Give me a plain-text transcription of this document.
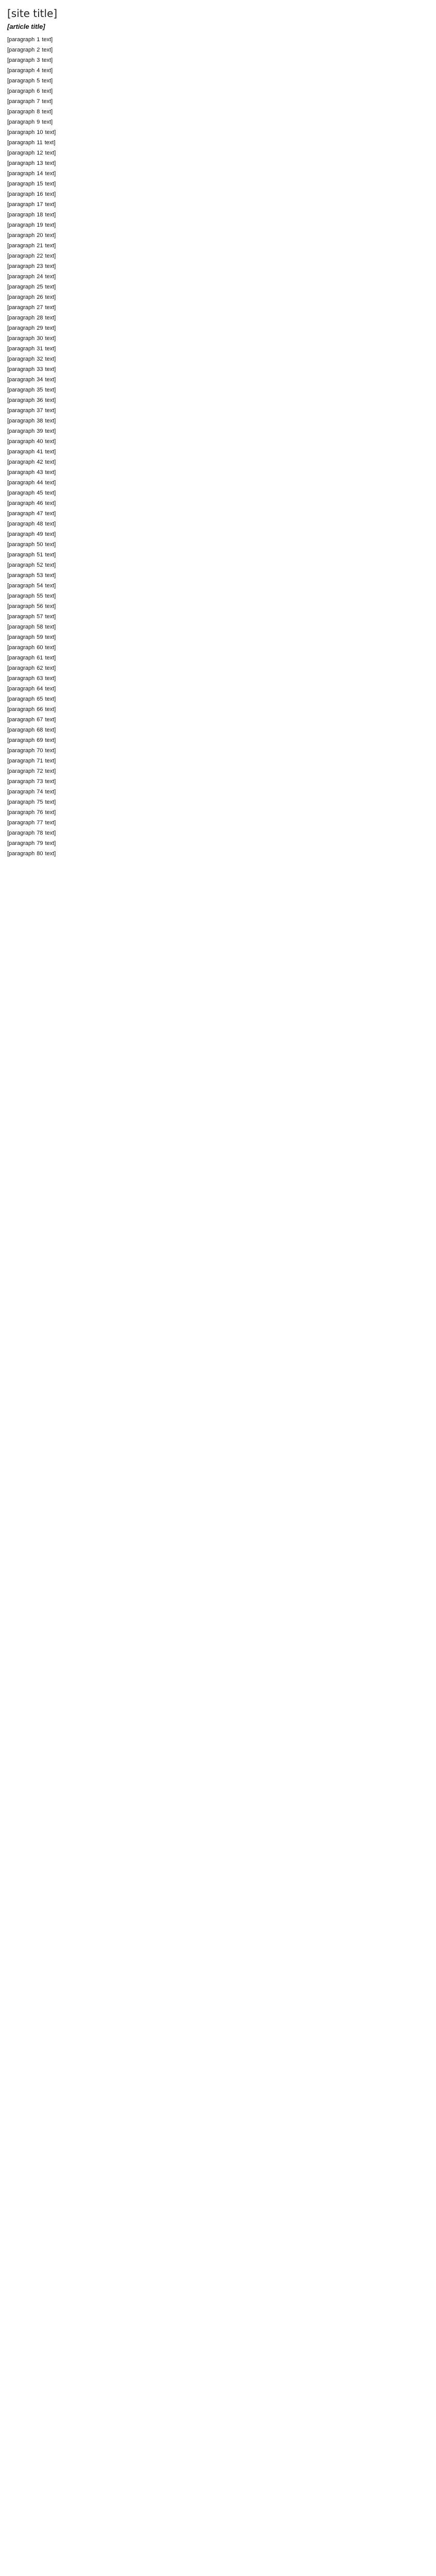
[site title]
[article title]

[paragraph 1 text]

[paragraph 2 text]

[paragraph 3 text]

[paragraph 4 text]

[paragraph 5 text]

[paragraph 6 text]

[paragraph 7 text]

[paragraph 8 text]

[paragraph 9 text]

[paragraph 10 text]

[paragraph 11 text]

[paragraph 12 text]

[paragraph 13 text]

[paragraph 14 text]

[paragraph 15 text]

[paragraph 16 text]

[paragraph 17 text]

[paragraph 18 text]

[paragraph 19 text]

[paragraph 20 text]

[paragraph 21 text]

[paragraph 22 text]

[paragraph 23 text]

[paragraph 24 text]

[paragraph 25 text]

[paragraph 26 text]

[paragraph 27 text]

[paragraph 28 text]

[paragraph 29 text]

[paragraph 30 text]

[paragraph 31 text]

[paragraph 32 text]

[paragraph 33 text]

[paragraph 34 text]

[paragraph 35 text]

[paragraph 36 text]

[paragraph 37 text]

[paragraph 38 text]

[paragraph 39 text]

[paragraph 40 text]

[paragraph 41 text]

[paragraph 42 text]

[paragraph 43 text]

[paragraph 44 text]

[paragraph 45 text]

[paragraph 46 text]

[paragraph 47 text]

[paragraph 48 text]

[paragraph 49 text]

[paragraph 50 text]

[paragraph 51 text]

[paragraph 52 text]

[paragraph 53 text]

[paragraph 54 text]

[paragraph 55 text]

[paragraph 56 text]

[paragraph 57 text]

[paragraph 58 text]

[paragraph 59 text]

[paragraph 60 text]

[paragraph 61 text]

[paragraph 62 text]

[paragraph 63 text]

[paragraph 64 text]

[paragraph 65 text]

[paragraph 66 text]

[paragraph 67 text]

[paragraph 68 text]

[paragraph 69 text]

[paragraph 70 text]

[paragraph 71 text]

[paragraph 72 text]

[paragraph 73 text]

[paragraph 74 text]

[paragraph 75 text]

[paragraph 76 text]

[paragraph 77 text]

[paragraph 78 text]

[paragraph 79 text]

[paragraph 80 text]
